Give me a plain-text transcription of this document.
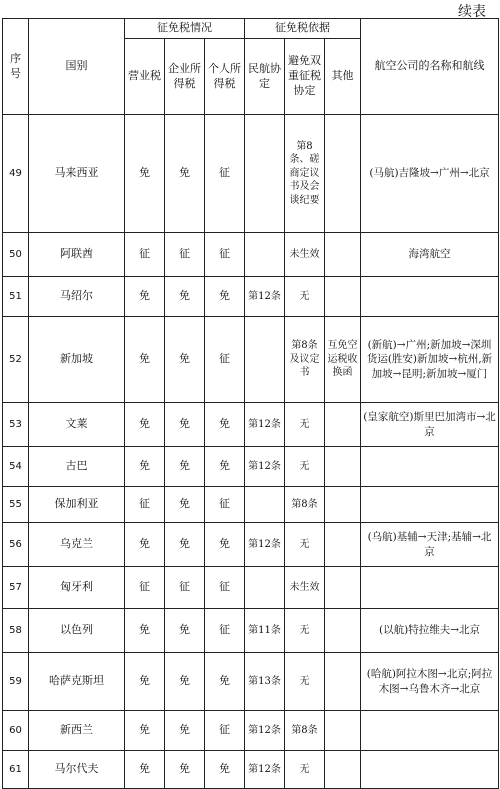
续表
序号	国别	征免税情况			征免税依据			航空公司的名称和航线
		营业税	企业所得税	个人所得税	民航协定	避免双重征税协定	其他	
49	马来西亚	免	免	征		第8条、磋商定议书及会谈纪要		(马航)吉隆坡→广州→北京
50	阿联酋	征	征	征		未生效		海湾航空
51	马绍尔	免	免	免	第12条	无		
52	新加坡	免	免	征		第8条及议定书	互免空运税收换函	(新航)→广州;新加坡→深圳货运(胜安)新加坡→杭州,新加坡→昆明;新加坡→厦门
53	文莱	免	免	免	第12条	无		(皇家航空)斯里巴加湾市→北京
54	古巴	免	免	免	第12条	无		
55	保加利亚	征	免	征		第8条		
56	乌克兰	免	免	免	第12条	无		(乌航)基辅→天津;基辅→北京
57	匈牙利	征	征	征		未生效		
58	以色列	免	免	征	第11条	无		(以航)特拉维夫→北京
59	哈萨克斯坦	免	免	免	第13条	无		(哈航)阿拉木图→北京;阿拉木图→乌鲁木齐→北京
60	新西兰	免	免	征	第12条	第8条		
61	马尔代夫	免	免	免	第12条	无		
